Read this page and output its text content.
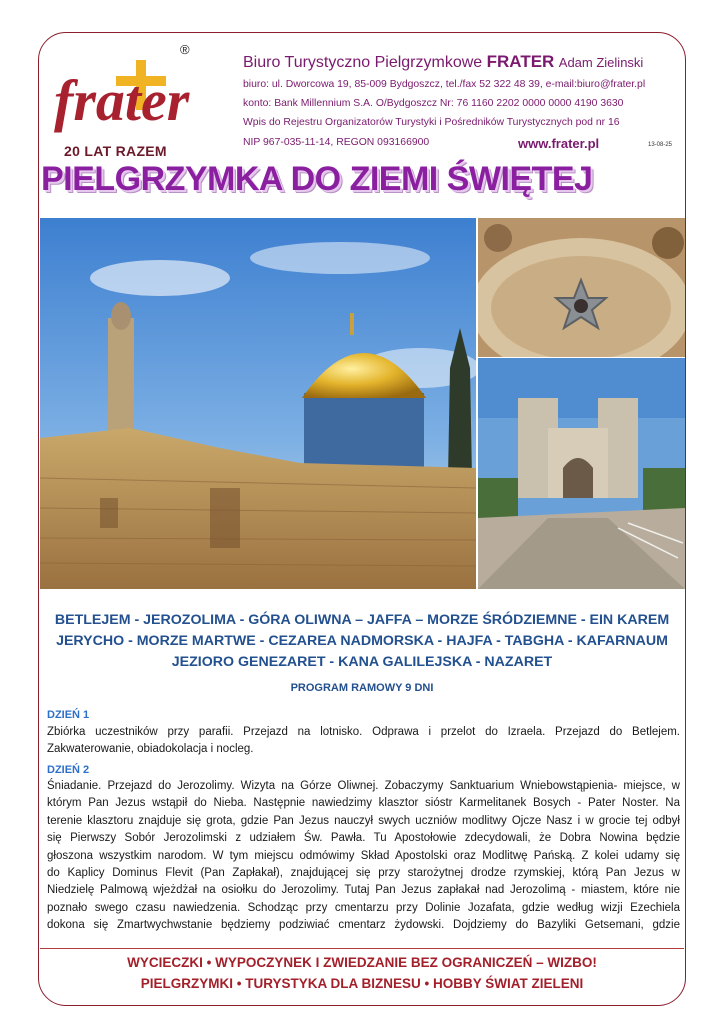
frater
®
20 LAT RAZEM
Biuro Turystyczno Pielgrzymkowe FRATER Adam Zielinski
biuro: ul. Dworcowa 19, 85-009 Bydgoszcz, tel./fax 52 322 48 39, e-mail:biuro@frater.pl
konto: Bank Millennium S.A. O/Bydgoszcz Nr: 76 1160 2202 0000 0000 4190 3630
Wpis do Rejestru Organizatorów Turystyki i Pośredników Turystycznych pod nr 16
NIP 967-035-11-14, REGON 093166900	www.frater.pl	13-08-25
PIELGRZYMKA DO ZIEMI ŚWIĘTEJ
BETLEJEM - JEROZOLIMA - GÓRA OLIWNA – JAFFA – MORZE ŚRÓDZIEMNE - EIN KAREM
JERYCHO - MORZE MARTWE - CEZAREA NADMORSKA - HAJFA - TABGHA - KAFARNAUM
JEZIORO GENEZARET - KANA GALILEJSKA - NAZARET
PROGRAM RAMOWY 9 DNI
DZIEŃ 1
Zbiórka uczestników przy parafii. Przejazd na lotnisko. Odprawa i przelot do Izraela. Przejazd do Betlejem.
Zakwaterowanie, obiadokolacja i nocleg.
DZIEŃ 2
Śniadanie. Przejazd do Jerozolimy. Wizyta na Górze Oliwnej. Zobaczymy Sanktuarium Wniebowstąpienia- miejsce, w
którym Pan Jezus wstąpił do Nieba. Następnie nawiedzimy klasztor sióstr Karmelitanek Bosych - Pater Noster. Na
terenie klasztoru znajduje się grota, gdzie Pan Jezus nauczył swych uczniów modlitwy Ojcze Nasz i w grocie tej odbył
się Pierwszy Sobór Jerozolimski z udziałem Św. Pawła. Tu Apostołowie zdecydowali, że Dobra Nowina będzie
głoszona wszystkim narodom. W tym miejscu odmówimy Skład Apostolski oraz Modlitwę Pańską. Z kolei udamy się
do Kaplicy Dominus Flevit (Pan Zapłakał), znajdującej się przy starożytnej drodze rzymskiej, którą Pan Jezus w
Niedzielę Palmową wjeżdżał na osiołku do Jerozolimy. Tutaj Pan Jezus zapłakał nad Jerozolimą - miastem, które nie
poznało swego czasu nawiedzenia. Schodząc przy cmentarzu przy Dolinie Jozafata, gdzie według wizji Ezechiela
dokona się Zmartwychwstanie będziemy podziwiać cmentarz żydowski. Dojdziemy do Bazyliki Getsemani, gdzie
WYCIECZKI • WYPOCZYNEK I ZWIEDZANIE BEZ OGRANICZEŃ – WIZBO!
PIELGRZYMKI • TURYSTYKA DLA BIZNESU • HOBBY ŚWIAT ZIELENI
